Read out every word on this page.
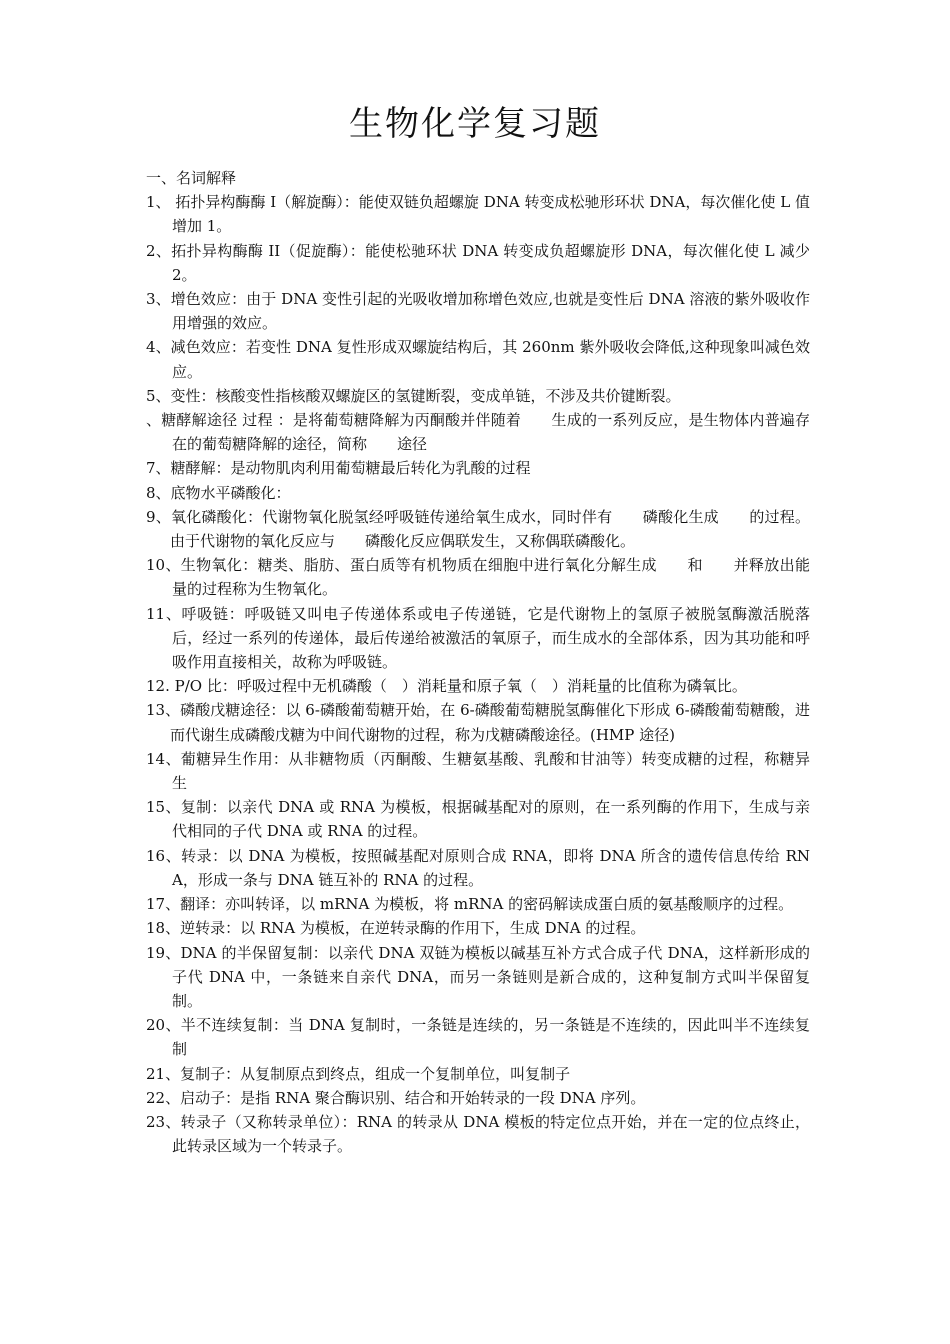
生物化学复习题

一、名词解释

1、 拓扑异构酶酶 I（解旋酶）：能使双链负超螺旋 DNA 转变成松驰形环状 DNA，每次催化使 L 值增加 1。

2、拓扑异构酶酶 II（促旋酶）：能使松驰环状 DNA 转变成负超螺旋形 DNA，每次催化使 L 减少 2。

3、增色效应：由于 DNA 变性引起的光吸收增加称增色效应,也就是变性后 DNA 溶液的紫外吸收作用增强的效应。

4、减色效应：若变性 DNA 复性形成双螺旋结构后，其 260nm 紫外吸收会降低,这种现象叫减色效应。

5、变性：核酸变性指核酸双螺旋区的氢键断裂，变成单链，不涉及共价键断裂。

、糖酵解途径 过程 ：是将葡萄糖降解为丙酮酸并伴随着　　生成的一系列反应，是生物体内普遍存在的葡萄糖降解的途径，简称　　途径

7、糖酵解：是动物肌肉利用葡萄糖最后转化为乳酸的过程

8、底物水平磷酸化：

9、氧化磷酸化：代谢物氧化脱氢经呼吸链传递给氧生成水，同时伴有　　磷酸化生成　　的过程。由于代谢物的氧化反应与　　磷酸化反应偶联发生，又称偶联磷酸化。

10、生物氧化：糖类、脂肪、蛋白质等有机物质在细胞中进行氧化分解生成　　和　　并释放出能量的过程称为生物氧化。

11、呼吸链：呼吸链又叫电子传递体系或电子传递链，它是代谢物上的氢原子被脱氢酶激活脱落后，经过一系列的传递体，最后传递给被激活的氧原子，而生成水的全部体系，因为其功能和呼吸作用直接相关，故称为呼吸链。

12. P/O 比：呼吸过程中无机磷酸（　）消耗量和原子氧（　）消耗量的比值称为磷氧比。

13、磷酸戊糖途径：以 6-磷酸葡萄糖开始，在 6-磷酸葡萄糖脱氢酶催化下形成 6-磷酸葡萄糖酸，进而代谢生成磷酸戊糖为中间代谢物的过程，称为戊糖磷酸途径。(HMP 途径)

14、葡糖异生作用：从非糖物质（丙酮酸、生糖氨基酸、乳酸和甘油等）转变成糖的过程，称糖异生

15、复制：以亲代 DNA 或 RNA 为模板，根据碱基配对的原则，在一系列酶的作用下，生成与亲代相同的子代 DNA 或 RNA 的过程。

16、转录：以 DNA 为模板，按照碱基配对原则合成 RNA，即将 DNA 所含的遗传信息传给 RNA，形成一条与 DNA 链互补的 RNA 的过程。

17、翻译：亦叫转译，以 mRNA 为模板，将 mRNA 的密码解读成蛋白质的氨基酸顺序的过程。

18、逆转录：以 RNA 为模板，在逆转录酶的作用下，生成 DNA 的过程。

19、DNA 的半保留复制：以亲代 DNA 双链为模板以碱基互补方式合成子代 DNA，这样新形成的子代 DNA 中，一条链来自亲代 DNA，而另一条链则是新合成的，这种复制方式叫半保留复制。

20、半不连续复制：当 DNA 复制时，一条链是连续的，另一条链是不连续的，因此叫半不连续复制

21、复制子：从复制原点到终点，组成一个复制单位，叫复制子

22、启动子：是指 RNA 聚合酶识别、结合和开始转录的一段 DNA 序列。

23、转录子（又称转录单位）：RNA 的转录从 DNA 模板的特定位点开始，并在一定的位点终止，此转录区域为一个转录子。
